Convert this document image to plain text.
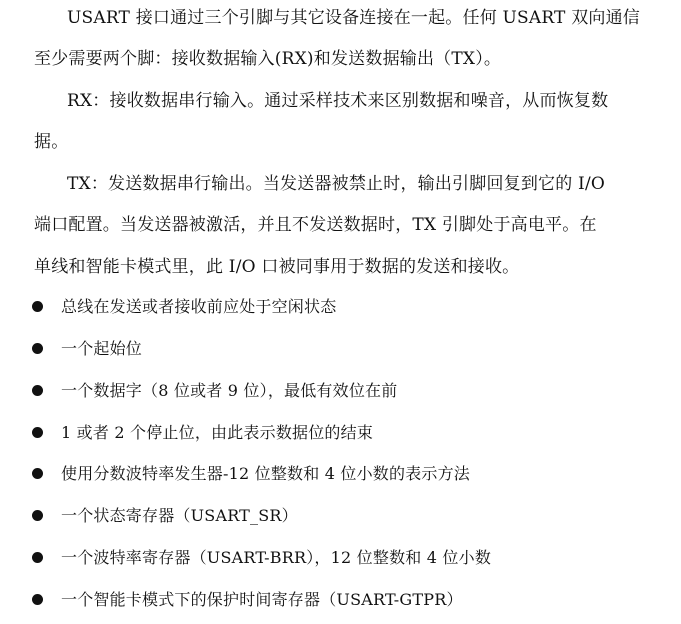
USART 接口通过三个引脚与其它设备连接在一起。任何 USART 双向通信
至少需要两个脚：接收数据输入(RX)和发送数据输出（TX）。
RX：接收数据串行输入。通过采样技术来区别数据和噪音，从而恢复数
据。
TX：发送数据串行输出。当发送器被禁止时，输出引脚回复到它的 I/O
端口配置。当发送器被激活，并且不发送数据时，TX 引脚处于高电平。在
单线和智能卡模式里，此 I/O 口被同事用于数据的发送和接收。
总线在发送或者接收前应处于空闲状态
一个起始位
一个数据字（8 位或者 9 位），最低有效位在前
1 或者 2 个停止位，由此表示数据位的结束
使用分数波特率发生器-12 位整数和 4 位小数的表示方法
一个状态寄存器（USART_SR）
一个波特率寄存器（USART-BRR），12 位整数和 4 位小数
一个智能卡模式下的保护时间寄存器（USART-GTPR）
